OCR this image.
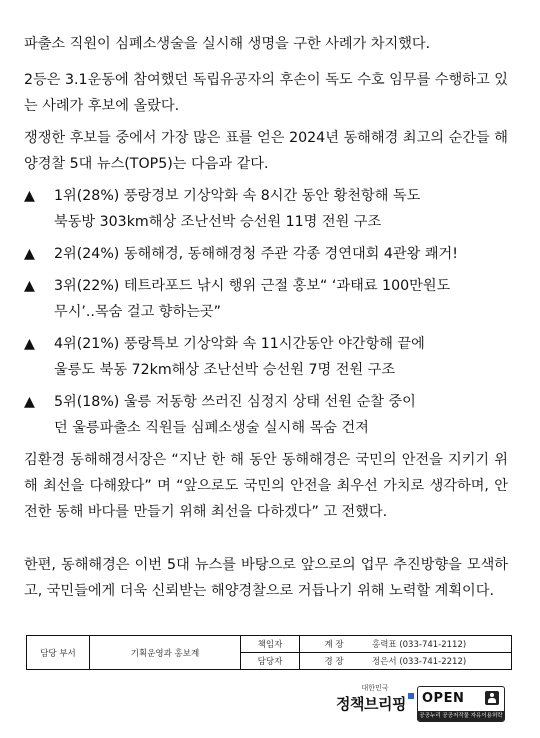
파출소 직원이 심폐소생술을 실시해 생명을 구한 사례가 차지했다.
2등은 3.1운동에 참여했던 독립유공자의 후손이 독도 수호 임무를 수행하고 있는 사례가 후보에 올랐다.
쟁쟁한 후보들 중에서 가장 많은 표를 얻은 2024년 동해해경 최고의 순간들 해양경찰 5대 뉴스(TOP5)는 다음과 같다.
▲	1위(28%) 풍랑경보 기상악화 속 8시간 동안 황천항해 독도
북동방 303km해상 조난선박 승선원 11명 전원 구조
▲	2위(24%) 동해해경, 동해해경청 주관 각종 경연대회 4관왕 쾌거!
▲	3위(22%) 테트라포드 낚시 행위 근절 홍보“ ‘과태료 100만원도
무시’..목숨 걸고 향하는곳”
▲	4위(21%) 풍랑특보 기상악화 속 11시간동안 야간항해 끝에
울릉도 북동 72km해상 조난선박 승선원 7명 전원 구조
▲	5위(18%) 울릉 저동항 쓰러진 심정지 상태 선원 순찰 중이
던 울릉파출소 직원들 심폐소생술 실시해 목숨 건져
김환경 동해해경서장은 “지난 한 해 동안 동해해경은 국민의 안전을 지키기 위해 최선을 다해왔다” 며 “앞으로도 국민의 안전을 최우선 가치로 생각하며, 안전한 동해 바다를 만들기 위해 최선을 다하겠다” 고 전했다.
한편, 동해해경은 이번 5대 뉴스를 바탕으로 앞으로의 업무 추진방향을 모색하고, 국민들에게 더욱 신뢰받는 해양경찰으로 거듭나기 위해 노력할 계획이다.
담당 부서	기획운영과 홍보계	책임자	계 장	홍력표 (033-741-2112)
		담당자	경 장	정은서 (033-741-2212)
대한민국
정책브리핑	OPEN
공공누리 공공저작물 자유이용허락
